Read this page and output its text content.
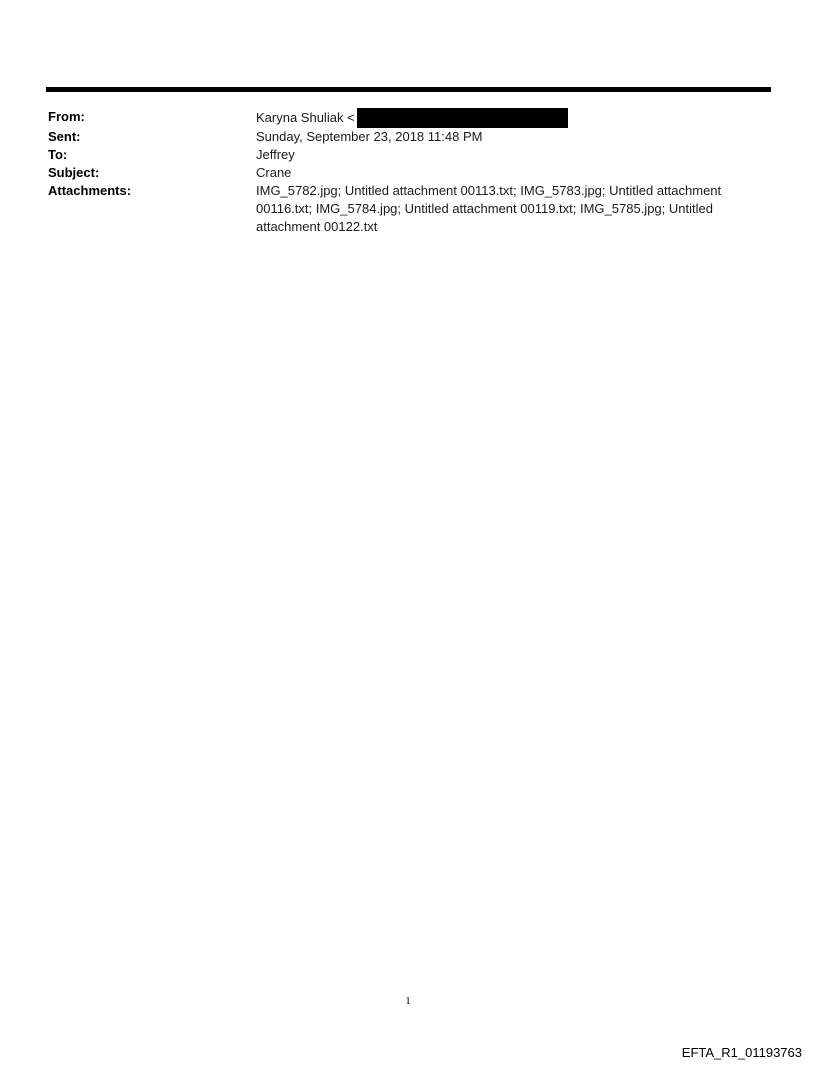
From:	Karyna Shuliak <
Sent:	Sunday, September 23, 2018 11:48 PM
To:	Jeffrey
Subject:	Crane
Attachments:	IMG_5782.jpg; Untitled attachment 00113.txt; IMG_5783.jpg; Untitled attachment 00116.txt; IMG_5784.jpg; Untitled attachment 00119.txt; IMG_5785.jpg; Untitled attachment 00122.txt
1
EFTA_R1_01193763
